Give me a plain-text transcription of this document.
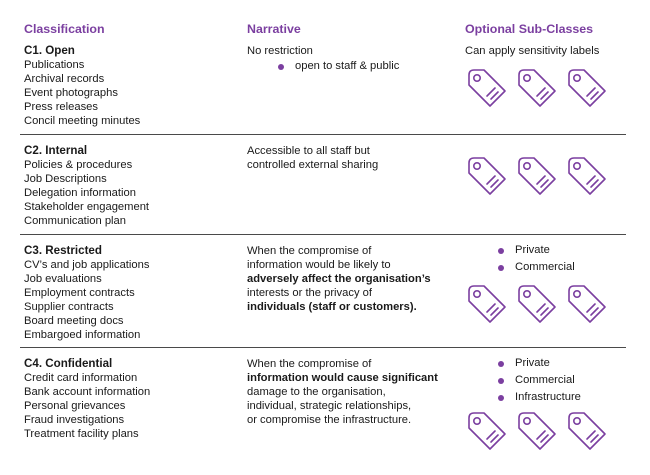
Classification	Narrative	Optional Sub-Classes
C1. Open
Publications
Archival records
Event photographs
Press releases
Concil meeting minutes
No restriction
open to staff & public
Can apply sensitivity labels
C2. Internal
Policies & procedures
Job Descriptions
Delegation information
Stakeholder engagement
Communication plan
Accessible to all staff but
controlled external sharing
C3. Restricted
CV’s and job applications
Job evaluations
Employment contracts
Supplier contracts
Board meeting docs
Embargoed information
When the compromise of
information would be likely to
adversely affect the organisation’s
interests or the privacy of
individuals (staff or customers).
Private
Commercial
C4. Confidential
Credit card information
Bank account information
Personal grievances
Fraud investigations
Treatment facility plans
When the compromise of
information would cause significant
damage to the organisation,
individual, strategic relationships,
or compromise the infrastructure.
Private
Commercial
Infrastructure
